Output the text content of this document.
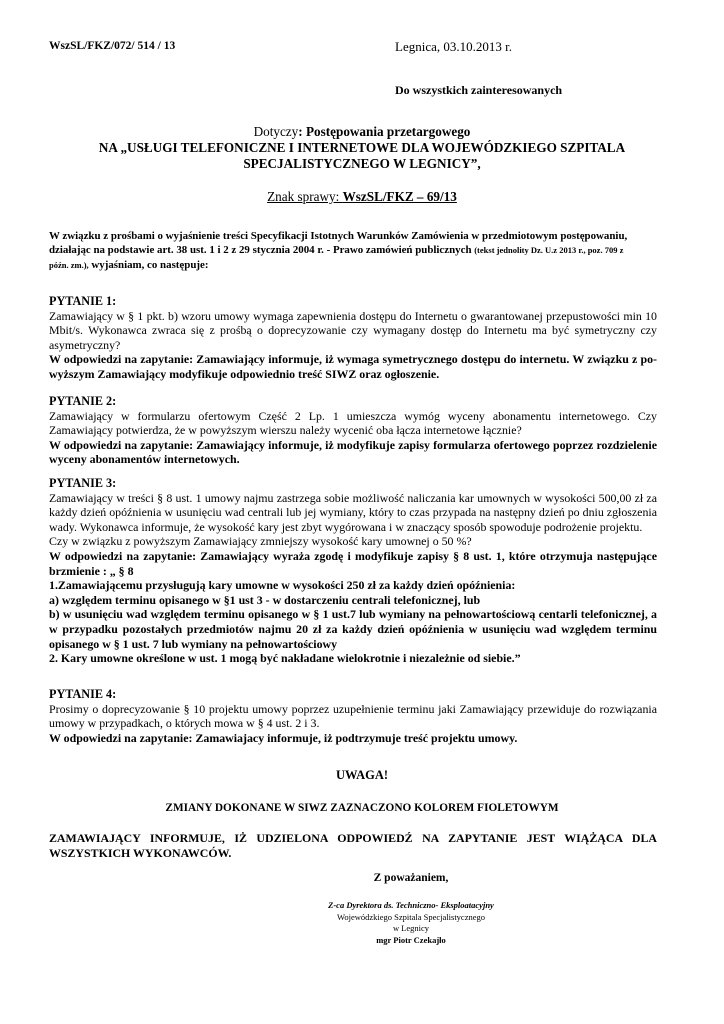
WszSL/FKZ/072/ 514 / 13	Legnica, 03.10.2013 r.
Do wszystkich zainteresowanych
Dotyczy: Postępowania przetargowego
NA „USŁUGI TELEFONICZNE I INTERNETOWE DLA WOJEWÓDZKIEGO SZPITALA
SPECJALISTYCZNEGO W LEGNICY”,
Znak sprawy: WszSL/FKZ – 69/13
W związku z prośbami o wyjaśnienie treści Specyfikacji Istotnych Warunków Zamówienia w przedmiotowym postępowaniu,
działając na podstawie art. 38 ust. 1 i 2 z 29 stycznia 2004 r. - Prawo zamówień publicznych (tekst jednolity Dz. U.z 2013 r., poz. 709 z
późn. zm.), wyjaśniam, co następuje:

PYTANIE 1:

Zamawiający w § 1 pkt. b) wzoru umowy wymaga zapewnienia dostępu do Internetu o gwarantowanej przepustowości min 10 Mbit/s. Wykonawca zwraca się z prośbą o doprecyzowanie czy wymagany dostęp do Internetu ma być symetryczny czy asymetryczny?

W odpowiedzi na zapytanie: Zamawiający informuje, iż wymaga symetrycznego dostępu do internetu. W związku z po-wyższym Zamawiający modyfikuje odpowiednio treść SIWZ oraz ogłoszenie.

PYTANIE 2:

Zamawiający w formularzu ofertowym Część 2 Lp. 1 umieszcza wymóg wyceny abonamentu internetowego. Czy Zamawiający potwierdza, że w powyższym wierszu należy wycenić oba łącza internetowe łącznie?

W odpowiedzi na zapytanie: Zamawiający informuje, iż modyfikuje zapisy formularza ofertowego poprzez rozdzielenie wyceny abonamentów internetowych.

PYTANIE 3:

Zamawiający w treści § 8 ust. 1 umowy najmu zastrzega sobie możliwość naliczania kar umownych w wysokości 500,00 zł za każdy dzień opóźnienia w usunięciu wad centrali lub jej wymiany, który to czas przypada na następny dzień po dniu zgłoszenia wady. Wykonawca informuje, że wysokość kary jest zbyt wygórowana i w znaczący sposób spowoduje podrożenie projektu.

Czy w związku z powyższym Zamawiający zmniejszy wysokość kary umownej o 50 %?

W odpowiedzi na zapytanie: Zamawiający wyraża zgodę i modyfikuje zapisy § 8 ust. 1, które otrzymuja następujące brzmienie : „ § 8

1.Zamawiającemu przysługują kary umowne w wysokości 250 zł za każdy dzień opóźnienia:

a) względem terminu opisanego w §1 ust 3 - w dostarczeniu centrali telefonicznej, lub

b) w usunięciu wad względem terminu opisanego w § 1 ust.7 lub wymiany na pełnowartościową centarli telefonicznej, a w przypadku pozostałych przedmiotów najmu 20 zł za każdy dzień opóźnienia w usunięciu wad względem terminu opisanego w § 1 ust. 7 lub wymiany na pełnowartościowy

2. Kary umowne określone w ust. 1 mogą być nakładane wielokrotnie i niezależnie od siebie.”

PYTANIE 4:

Prosimy o doprecyzowanie § 10 projektu umowy poprzez uzupełnienie terminu jaki Zamawiający przewiduje do rozwiązania umowy w przypadkach, o których mowa w § 4 ust. 2 i 3.

W odpowiedzi na zapytanie: Zamawiajacy informuje, iż podtrzymuje treść projektu umowy.

UWAGA!
ZMIANY DOKONANE W SIWZ ZAZNACZONO KOLOREM FIOLETOWYM
ZAMAWIAJĄCY INFORMUJE, IŻ UDZIELONA ODPOWIEDŹ NA ZAPYTANIE JEST WIĄŻĄCA DLA WSZYSTKICH WYKONAWCÓW.
Z poważaniem,
Z-ca Dyrektora ds. Techniczno- Eksploatacyjny
Wojewódzkiego Szpitala Specjalistycznego
w Legnicy
mgr Piotr Czekajło
